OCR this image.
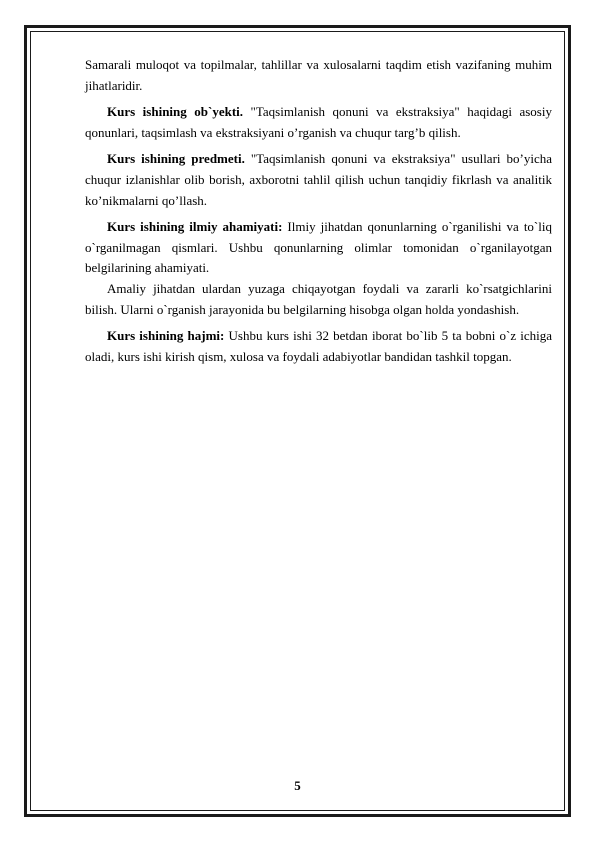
Samarali muloqot va topilmalar, tahlillar va xulosalarni taqdim etish vazifaning muhim jihatlaridir.

Kurs ishining ob`yekti. "Taqsimlanish qonuni va ekstraksiya" haqidagi asosiy qonunlari, taqsimlash va ekstraksiyani o’rganish va chuqur targ’b qilish.

Kurs ishining predmeti. "Taqsimlanish qonuni va ekstraksiya" usullari bo’yicha chuqur izlanishlar olib borish, axborotni tahlil qilish uchun tanqidiy fikrlash va analitik ko’nikmalarni qo’llash.

Kurs ishining ilmiy ahamiyati: Ilmiy jihatdan qonunlarning o`rganilishi va to`liq o`rganilmagan qismlari. Ushbu qonunlarning olimlar tomonidan o`rganilayotgan belgilarining ahamiyati.

Amaliy jihatdan ulardan yuzaga chiqayotgan foydali va zararli ko`rsatgichlarini bilish. Ularni o`rganish jarayonida bu belgilarning hisobga olgan holda yondashish.

Kurs ishining hajmi: Ushbu kurs ishi 32 betdan iborat bo`lib 5 ta bobni o`z ichiga oladi, kurs ishi kirish qism, xulosa va foydali adabiyotlar bandidan tashkil topgan.

5
